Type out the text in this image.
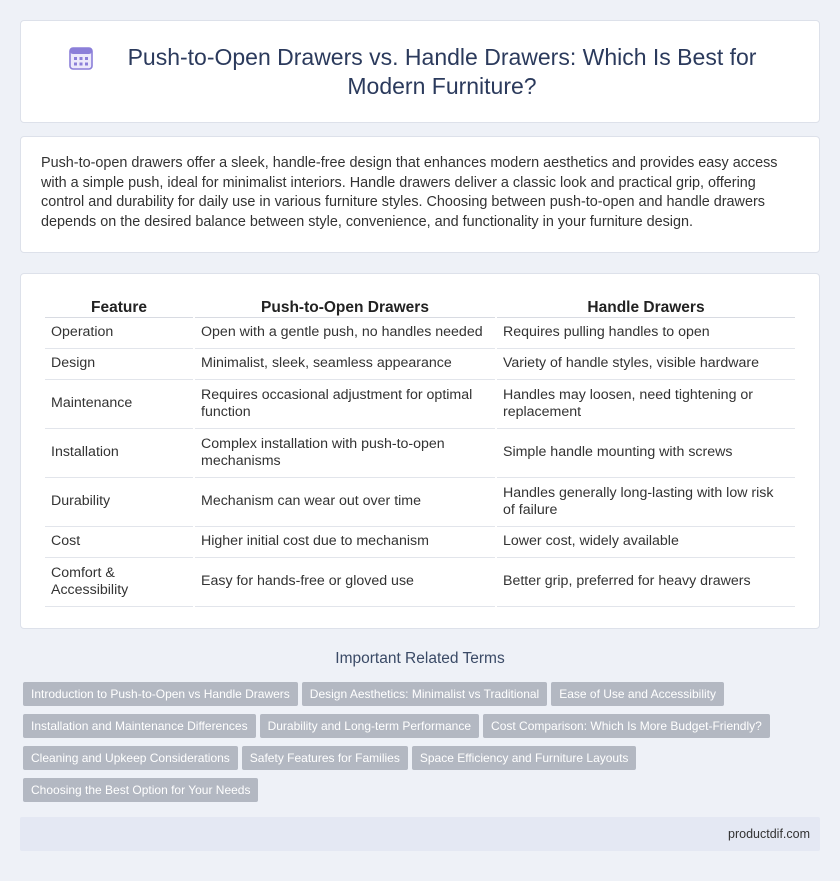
Push-to-Open Drawers vs. Handle Drawers: Which Is Best for Modern Furniture?

Push-to-open drawers offer a sleek, handle-free design that enhances modern aesthetics and provides easy access with a simple push, ideal for minimalist interiors. Handle drawers deliver a classic look and practical grip, offering control and durability for daily use in various furniture styles. Choosing between push-to-open and handle drawers depends on the desired balance between style, convenience, and functionality in your furniture design.

Feature	Push-to-Open Drawers	Handle Drawers
Operation	Open with a gentle push, no handles needed	Requires pulling handles to open
Design	Minimalist, sleek, seamless appearance	Variety of handle styles, visible hardware
Maintenance	Requires occasional adjustment for optimal function	Handles may loosen, need tightening or replacement
Installation	Complex installation with push-to-open mechanisms	Simple handle mounting with screws
Durability	Mechanism can wear out over time	Handles generally long-lasting with low risk of failure
Cost	Higher initial cost due to mechanism	Lower cost, widely available
Comfort & Accessibility	Easy for hands-free or gloved use	Better grip, preferred for heavy drawers
Important Related Terms
Introduction to Push-to-Open vs Handle Drawers Design Aesthetics: Minimalist vs Traditional Ease of Use and AccessibilityInstallation and Maintenance Differences Durability and Long-term Performance Cost Comparison: Which Is More Budget-Friendly?Cleaning and Upkeep Considerations Safety Features for Families Space Efficiency and Furniture LayoutsChoosing the Best Option for Your Needs
productdif.com
